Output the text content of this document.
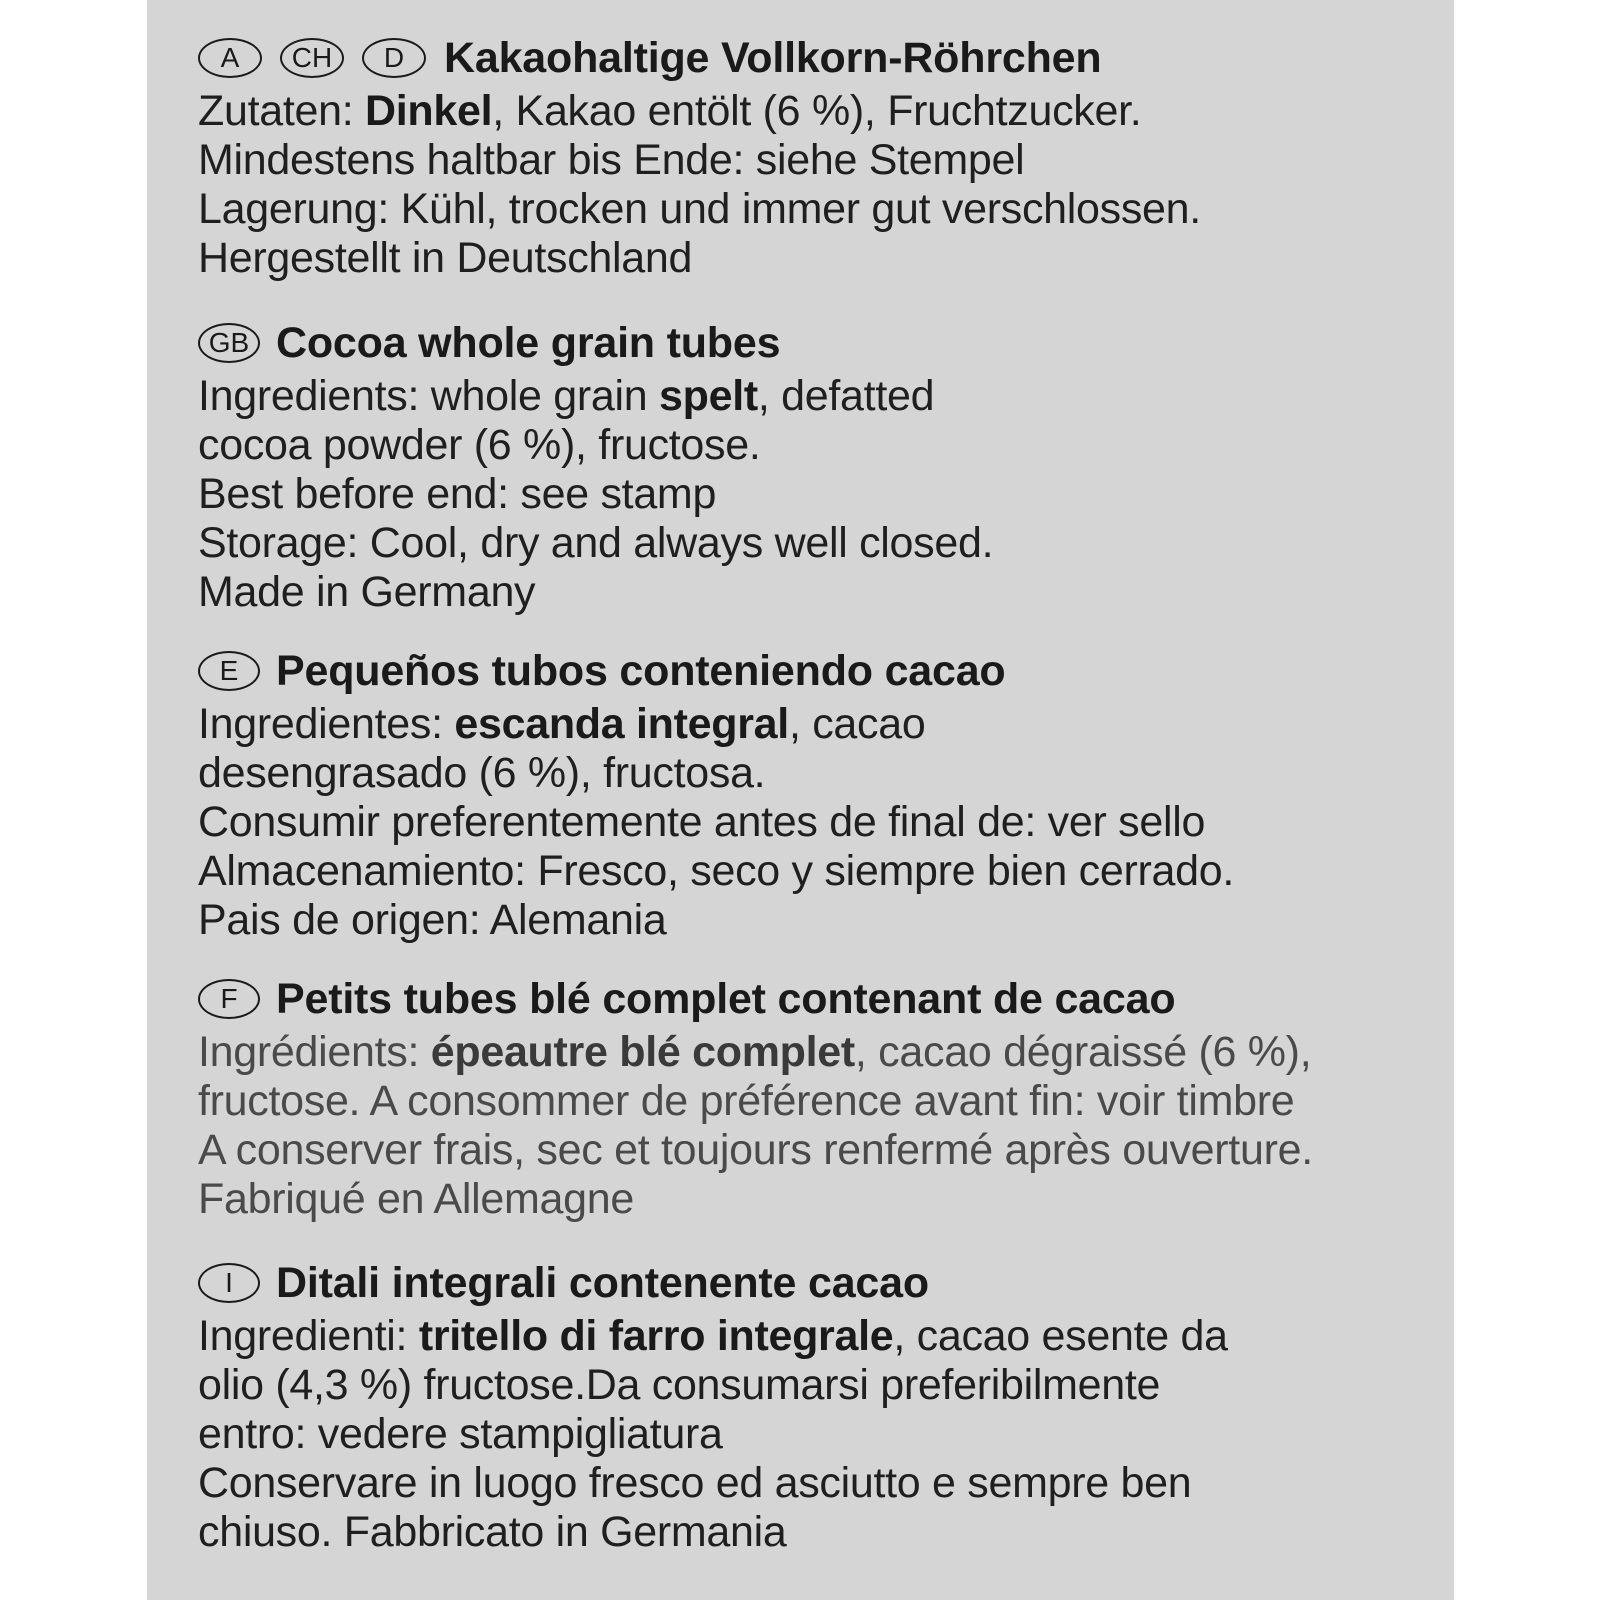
A	CH	D Kakaohaltige Vollkorn-Röhrchen
Zutaten: Dinkel, Kakao entölt (6 %), Fruchtzucker.
Mindestens haltbar bis Ende: siehe Stempel
Lagerung: Kühl, trocken und immer gut verschlossen.
Hergestellt in Deutschland
GB Cocoa whole grain tubes
Ingredients: whole grain spelt, defatted
cocoa powder (6 %), fructose.
Best before end: see stamp
Storage: Cool, dry and always well closed.
Made in Germany
E Pequeños tubos conteniendo cacao
Ingredientes: escanda integral, cacao
desengrasado (6 %), fructosa.
Consumir preferentemente antes de final de: ver sello
Almacenamiento: Fresco, seco y siempre bien cerrado.
Pais de origen: Alemania
F Petits tubes blé complet contenant de cacao
Ingrédients: épeautre blé complet, cacao dégraissé (6 %),
fructose. A consommer de préférence avant fin: voir timbre
A conserver frais, sec et toujours renfermé après ouverture.
Fabriqué en Allemagne
I	Ditali integrali contenente cacao
Ingredienti: tritello di farro integrale, cacao esente da
olio (4,3 %) fructose.Da consumarsi preferibilmente
entro: vedere stampigliatura
Conservare in luogo fresco ed asciutto e sempre ben
chiuso. Fabbricato in Germania
